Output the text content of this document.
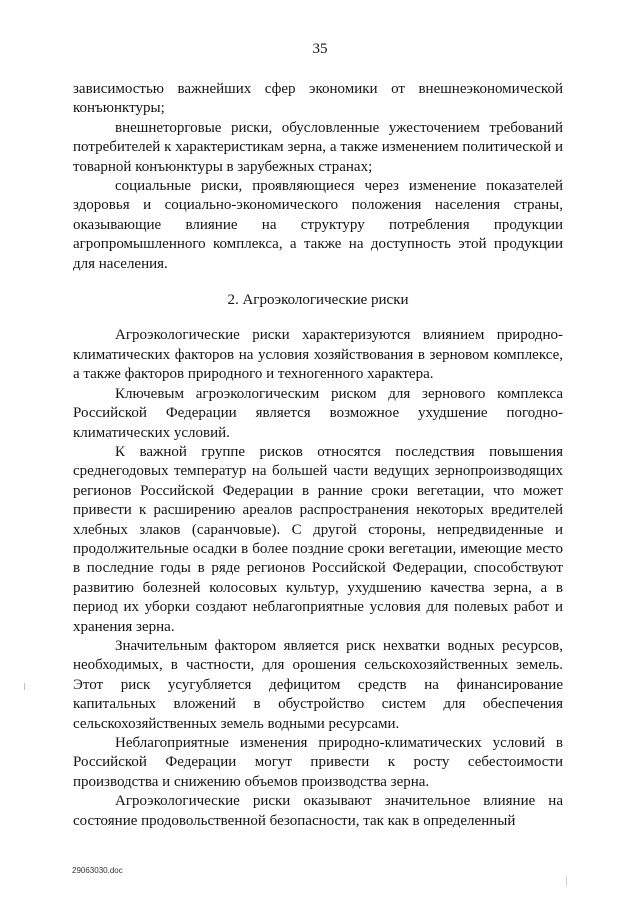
35

зависимостью важнейших сфер экономики от внешнеэкономической конъюнктуры;

внешнеторговые риски, обусловленные ужесточением требований потребителей к характеристикам зерна, а также изменением политической и товарной конъюнктуры в зарубежных странах;

социальные риски, проявляющиеся через изменение показателей здоровья и социально-экономического положения населения страны, оказывающие влияние на структуру потребления продукции агропромышленного комплекса, а также на доступность этой продукции для населения.

2. Агроэкологические риски

Агроэкологические риски характеризуются влиянием природно-климатических факторов на условия хозяйствования в зерновом комплексе, а также факторов природного и техногенного характера.

Ключевым агроэкологическим риском для зернового комплекса Российской Федерации является возможное ухудшение погодно-климатических условий.

К важной группе рисков относятся последствия повышения среднегодовых температур на большей части ведущих зернопроизводящих регионов Российской Федерации в ранние сроки вегетации, что может привести к расширению ареалов распространения некоторых вредителей хлебных злаков (саранчовые). С другой стороны, непредвиденные и продолжительные осадки в более поздние сроки вегетации, имеющие место в последние годы в ряде регионов Российской Федерации, способствуют развитию болезней колосовых культур, ухудшению качества зерна, а в период их уборки создают неблагоприятные условия для полевых работ и хранения зерна.

Значительным фактором является риск нехватки водных ресурсов, необходимых, в частности, для орошения сельскохозяйственных земель. Этот риск усугубляется дефицитом средств на финансирование капитальных вложений в обустройство систем для обеспечения сельскохозяйственных земель водными ресурсами.

Неблагоприятные изменения природно-климатических условий в Российской Федерации могут привести к росту себестоимости производства и снижению объемов производства зерна.

Агроэкологические риски оказывают значительное влияние на состояние продовольственной безопасности, так как в определенный

29063030.doc
